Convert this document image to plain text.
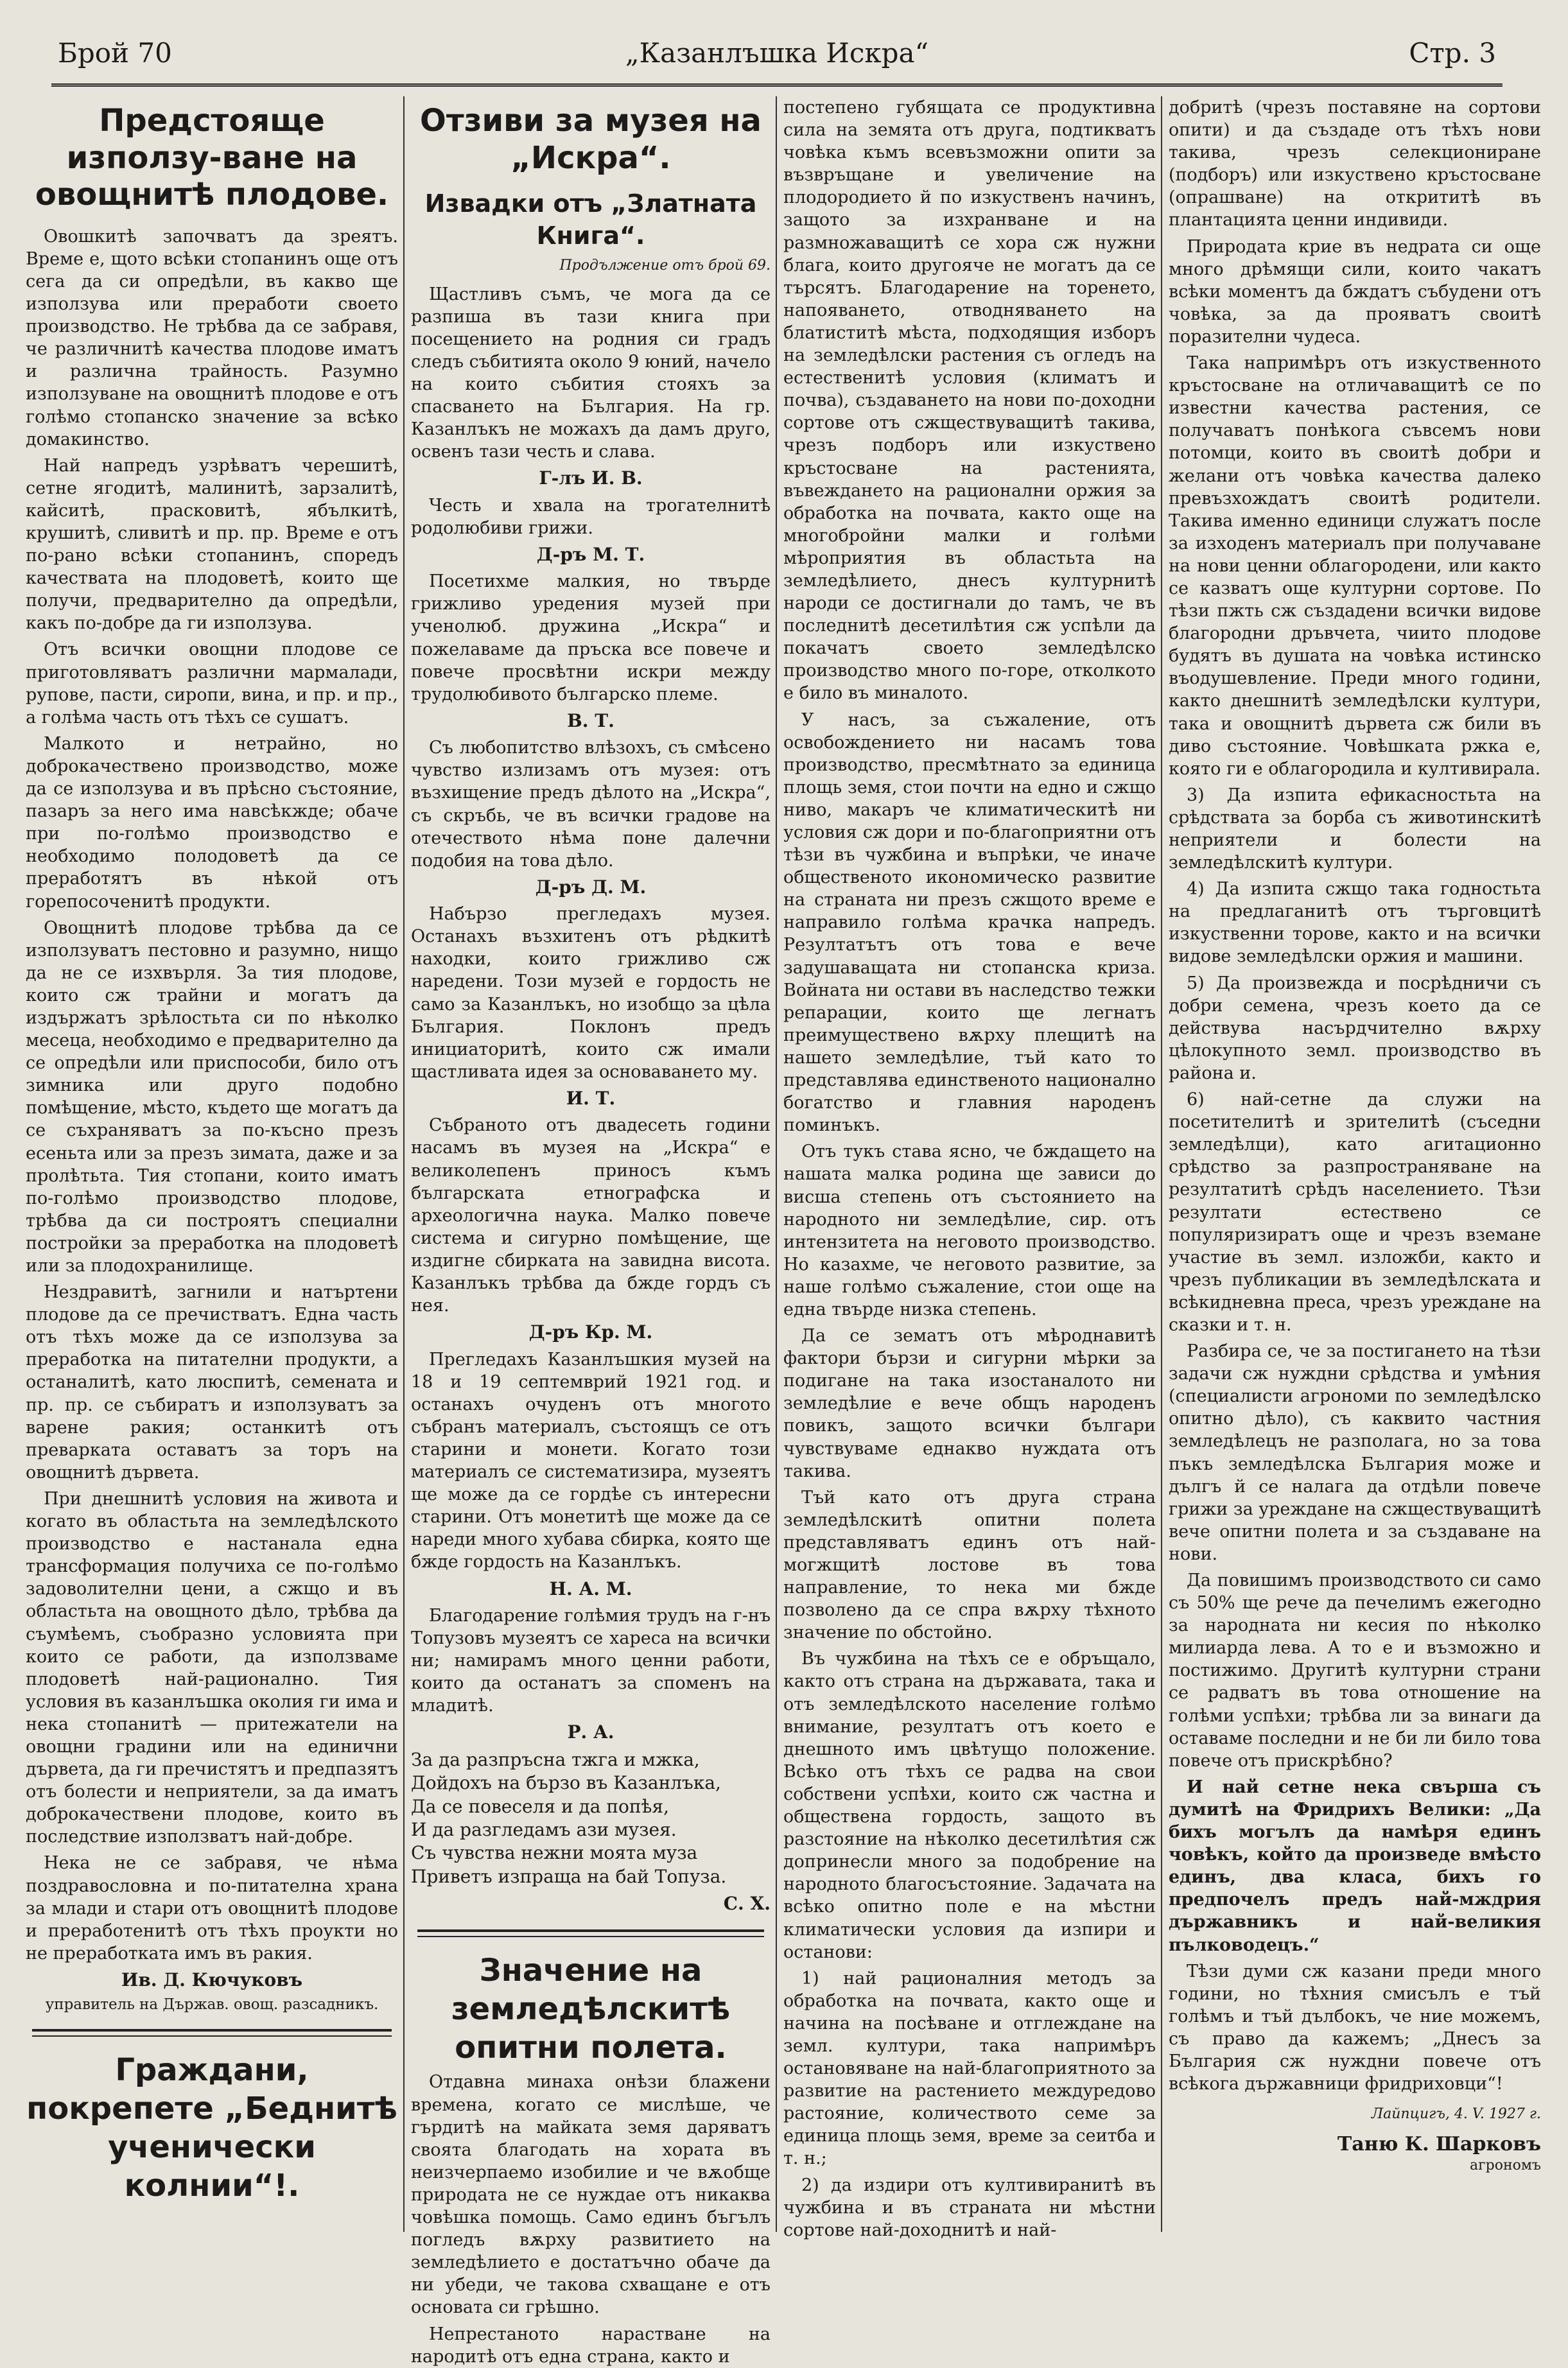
Брой 70	„Казанлъшка Искра“	Стр. 3
Предстояще използу-ване на овощнитѣ плодове.

Овошкитѣ започватъ да зреятъ. Време е, щото всѣки стопанинъ още отъ сега да си опредѣли, въ какво ще използува или преработи своето производство. Не трѣбва да се забравя, че различнитѣ качества плодове иматъ и различна трайность. Разумно използуване на овощнитѣ плодове е отъ голѣмо стопанско значение за всѣко домакинство.

Най напредъ узрѣватъ черешитѣ, сетне ягодитѣ, малинитѣ, зарзалитѣ, кайситѣ, прасковитѣ, ябълкитѣ, крушитѣ, сливитѣ и пр. пр. Време е отъ по-рано всѣки стопанинъ, споредъ качествата на плодоветѣ, които ще получи, предварително да опредѣли, какъ по-добре да ги използува.

Отъ всички овощни плодове се приготовляватъ различни мармалади, рупове, пасти, сиропи, вина, и пр. и пр., а голѣма часть отъ тѣхъ се сушатъ.

Малкото и нетрайно, но доброкачествено производство, може да се използува и въ прѣсно състояние, пазаръ за него има навсѣкжде; обаче при по-голѣмо производство е необходимо полодоветѣ да се преработятъ въ нѣкой отъ горепосоченитѣ продукти.

Овощнитѣ плодове трѣбва да се използуватъ пестовно и разумно, нищо да не се изхвърля. За тия плодове, които сж трайни и могатъ да издържатъ зрѣлостьта си по нѣколко месеца, необходимо е предварително да се опредѣли или приспособи, било отъ зимника или друго подобно помѣщение, мѣсто, където ще могатъ да се съхраняватъ за по-късно презъ есеньта или за презъ зимата, даже и за пролѣтьта. Тия стопани, които иматъ по-голѣмо производство плодове, трѣбва да си построятъ специални постройки за преработка на плодоветѣ или за плодохранилище.

Нездравитѣ, загнили и натъртени плодове да се пречистватъ. Една часть отъ тѣхъ може да се използува за преработка на питателни продукти, а останалитѣ, като люспитѣ, семената и пр. пр. се събиратъ и използуватъ за варене ракия; останкитѣ отъ преварката оставатъ за торъ на овощнитѣ дървета.

При днешнитѣ условия на живота и когато въ областьта на земледѣлското производство е настанала една трансформация получиха се по-голѣмо задоволителни цени, а сжщо и въ областьта на овощното дѣло, трѣбва да съумѣемъ, съобразно условията при които се работи, да използваме плодоветѣ най-рационално. Тия условия въ казанлъшка околия ги има и нека стопанитѣ — притежатели на овощни градини или на единични дървета, да ги пречистятъ и предпазятъ отъ болести и неприятели, за да иматъ доброкачествени плодове, които въ последствие използватъ най-добре.

Нека не се забравя, че нѣма поздравословна и по-питателна храна за млади и стари отъ овощнитѣ плодове и преработенитѣ отъ тѣхъ проукти но не преработката имъ въ ракия.

Ив. Д. Кючуковъ
управитель на Държав. овощ. разсадникъ.
Граждани, покрепете „Беднитѣ ученически колнии“!.
Отзиви за музея на „Искра“.
Извадки отъ „Златната Книга“.
Продължение отъ брой 69.

Щастливъ съмъ, че мога да се разпиша въ тази книга при посещението на родния си градъ следъ събитията около 9 юний, начело на които събития стояхъ за спасването на България. На гр. Казанлъкъ не можахъ да дамъ друго, освенъ тази честь и слава.

Г-лъ И. В.

Честь и хвала на трогателнитѣ родолюбиви грижи.

Д-ръ М. Т.

Посетихме малкия, но твърде грижливо уредения музей при ученолюб. дружина „Искра“ и пожелаваме да пръска все повече и повече просвѣтни искри между трудолюбивото българско племе.

В. Т.

Съ любопитство влѣзохъ, съ смѣсено чувство излизамъ отъ музея: отъ възхищение предъ дѣлото на „Искра“, съ скръбь, че въ всички градове на отечеството нѣма поне далечни подобия на това дѣло.

Д-ръ Д. М.

Набързо прегледахъ музея. Останахъ възхитенъ отъ рѣдкитѣ находки, които грижливо сж наредени. Този музей е гордость не само за Казанлъкъ, но изобщо за цѣла България. Поклонъ предъ инициаторитѣ, които сж имали щастливата идея за основаването му.

И. Т.

Събраното отъ двадесеть години насамъ въ музея на „Искра“ е великолепенъ приносъ къмъ българската етнографска и археологична наука. Малко повече система и сигурно помѣщение, ще издигне сбирката на завидна висота. Казанлъкъ трѣбва да бжде гордъ съ нея.

Д-ръ Кр. М.

Прегледахъ Казанлъшкия музей на 18 и 19 септемврий 1921 год. и останахъ очуденъ отъ многото събранъ материалъ, състоящъ се отъ старини и монети. Когато този материалъ се систематизира, музеятъ ще може да се гордѣе съ интересни старини. Отъ монетитѣ ще може да се нареди много хубава сбирка, която ще бжде гордость на Казанлъкъ.

Н. А. М.

Благодарение голѣмия трудъ на г-нъ Топузовъ музеятъ се хареса на всички ни; намирамъ много ценни работи, които да останатъ за споменъ на младитѣ.

Р. А.

За да разпръсна тжга и мжка,

Дойдохъ на бързо въ Казанлъка,

Да се повеселя и да попѣя,

И да разгледамъ ази музея.

Съ чувства нежни моята муза

Приветъ изпраща на бай Топуза.

С. Х.
Значение на земледѣлскитѣ опитни полета.

Отдавна минаха онѣзи блажени времена, когато се мислѣше, че гърдитѣ на майката земя даряватъ своята благодать на хората въ неизчерпаемо изобилие и че вѫобще природата не се нуждае отъ никаква човѣшка помощь. Само единъ бъгълъ погледъ вѫрху развитието на земледѣлието е достатъчно обаче да ни убеди, че такова схващане е отъ основата си грѣшно.

Непрестаното нарастване на народитѣ отъ една страна, както и

постепено губящата се продуктивна сила на земята отъ друга, подтикватъ човѣка къмъ всевъзможни опити за възвръщане и увеличение на плодородието й по изкуственъ начинъ, защото за изхранване и на размножаващитѣ се хора сж нужни блага, които другояче не могатъ да се търсятъ. Благодарение на торенето, напояването, отводняването на блатиститѣ мѣста, подходящия изборъ на земледѣлски растения съ огледъ на естественитѣ условия (климатъ и почва), създаването на нови по-доходни сортове отъ сжществуващитѣ такива, чрезъ подборъ или изкуствено кръстосване на растенията, въвеждането на рационални оржия за обработка на почвата, както още на многобройни малки и голѣми мѣроприятия въ областьта на земледѣлието, днесъ културнитѣ народи се достигнали до тамъ, че въ последнитѣ десетилѣтия сж успѣли да покачатъ своето земледѣлско производство много по-горе, отколкото е било въ миналото.

У насъ, за съжаление, отъ освобождението ни насамъ това производство, пресмѣтнато за единица площь земя, стои почти на едно и сжщо ниво, макаръ че климатическитѣ ни условия сж дори и по-благоприятни отъ тѣзи въ чужбина и въпрѣки, че иначе общественото икономическо развитие на страната ни презъ сжщото време е направило голѣма крачка напредъ. Резултатътъ отъ това е вече задушаващата ни стопанска криза. Войната ни остави въ наследство тежки репарации, които ще легнатъ преимуществено вѫрху плещитѣ на нашето земледѣлие, тъй като то представлява единственото национално богатство и главния народенъ поминъкъ.

Отъ тукъ става ясно, че бждащето на нашата малка родина ще зависи до висша степень отъ състоянието на народното ни земледѣлие, сир. отъ интензитета на неговото производство. Но казахме, че неговото развитие, за наше голѣмо съжаление, стои още на една твърде низка степень.

Да се зематъ отъ мѣроднавитѣ фактори бързи и сигурни мѣрки за подигане на така изостаналото ни земледѣлие е вече общъ народенъ повикъ, защото всички българи чувствуваме еднакво нуждата отъ такива.

Тъй като отъ друга страна земледѣлскитѣ опитни полета представляватъ единъ отъ най-могжщитѣ лостове въ това направление, то нека ми бжде позволено да се спра вѫрху тѣхното значение по обстойно.

Въ чужбина на тѣхъ се е обръщало, както отъ страна на държавата, така и отъ земледѣлското население голѣмо внимание, резултатъ отъ което е днешното имъ цвѣтущо положение. Всѣко отъ тѣхъ се радва на свои собствени успѣхи, които сж частна и обществена гордость, защото въ разстояние на нѣколко десетилѣтия сж допринесли много за подобрение на народното благосъстояние. Задачата на всѣко опитно поле е на мѣстни климатически условия да изпири и останови:

1) най рационалния методъ за обработка на почвата, както още и начина на посѣване и отглеждане на земл. култури, така напримѣръ остановяване на най-благоприятното за развитие на растението междуредово растояние, количеството семе за единица площь земя, време за сеитба и т. н.;

2) да издири отъ култивиранитѣ въ чужбина и въ страната ни мѣстни сортове най-доходнитѣ и най-

добритѣ (чрезъ поставяне на сортови опити) и да създаде отъ тѣхъ нови такива, чрезъ селекциониране (подборъ) или изкуствено кръстосване (опрашване) на открититѣ въ плантацията ценни индивиди.

Природата крие въ недрата си още много дрѣмящи сили, които чакатъ всѣки моментъ да бждатъ събудени отъ човѣка, за да прояватъ своитѣ поразителни чудеса.

Така напримѣръ отъ изкуственното кръстосване на отличаващитѣ се по известни качества растения, се получаватъ понѣкога съвсемъ нови потомци, които въ своитѣ добри и желани отъ човѣка качества далеко превъзхождатъ своитѣ родители. Такива именно единици служатъ после за изходенъ материалъ при получаване на нови ценни облагородени, или както се казватъ още културни сортове. По тѣзи пжть сж създадени всички видове благородни дръвчета, чиито плодове будятъ въ душата на човѣка истинско въодушевление. Преди много години, както днешнитѣ земледѣлски култури, така и овощнитѣ дървета сж били въ диво състояние. Човѣшката ржка е, която ги е облагородила и култивирала.

3) Да изпита ефикасностьта на срѣдствата за борба съ животинскитѣ неприятели и болести на земледѣлскитѣ култури.

4) Да изпита сжщо така годностьта на предлаганитѣ отъ търговцитѣ изкуственни торове, както и на всички видове земледѣлски оржия и машини.

5) Да произвежда и посрѣдничи съ добри семена, чрезъ което да се действува насърдчително вѫрху цѣлокупното земл. производство въ района и.

6) най-сетне да служи на посетителитѣ и зрителитѣ (съседни земледѣлци), като агитационно срѣдство за разпространяване на резултатитѣ срѣдъ населението. Тѣзи резултати естествено се популяризиратъ още и чрезъ вземане участие въ земл. изложби, както и чрезъ публикации въ земледѣлската и всѣкидневна преса, чрезъ уреждане на сказки и т. н.

Разбира се, че за постигането на тѣзи задачи сж нуждни срѣдства и умѣния (специалисти агрономи по земледѣлско опитно дѣло), съ каквито частния земледѣлецъ не разполага, но за това пъкъ земледѣлска България може и дългъ й се налага да отдѣли повече грижи за уреждане на сжществуващитѣ вече опитни полета и за създаване на нови.

Да повишимъ производството си само съ 50% ще рече да печелимъ ежегодно за народната ни кесия по нѣколко милиарда лева. А то е и възможно и постижимо. Другитѣ културни страни се радватъ въ това отношение на голѣми успѣхи; трѣбва ли за винаги да оставаме последни и не би ли било това повече отъ прискрѣбно?

И най сетне нека свърша съ думитѣ на Фридрихъ Велики: „Да бихъ могълъ да намѣря единъ човѣкъ, който да произведе вмѣсто единъ, два класа, бихъ го предпочелъ предъ най-мждрия държавникъ и най-великия пълководецъ.“

Тѣзи думи сж казани преди много години, но тѣхния смисълъ е тъй голѣмъ и тъй дълбокъ, че ние можемъ, съ право да кажемъ; „Днесъ за България сж нуждни повече отъ всѣкога държавници фридриховци“!

Лайпцигъ, 4. V. 1927 г.
Таню К. Шарковъ
агрономъ
